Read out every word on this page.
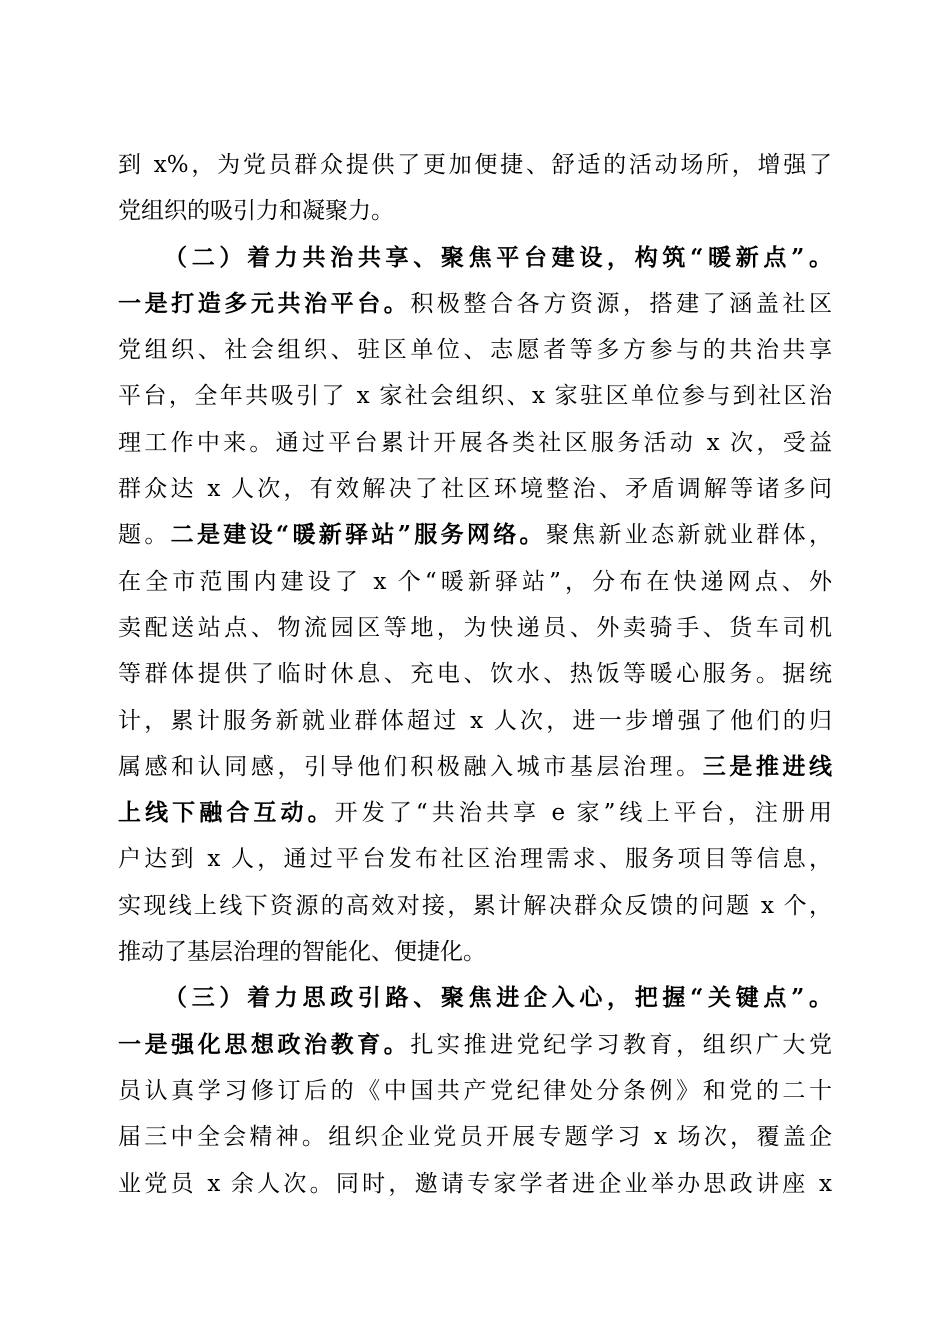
到 x%，为党员群众提供了更加便捷、舒适的活动场所，增强了
党组织的吸引力和凝聚力。
（二）着力共治共享、聚焦平台建设，构筑“暖新点”。
一是打造多元共治平台。积极整合各方资源，搭建了涵盖社区
党组织、社会组织、驻区单位、志愿者等多方参与的共治共享
平台，全年共吸引了 x 家社会组织、x 家驻区单位参与到社区治
理工作中来。通过平台累计开展各类社区服务活动 x 次，受益
群众达 x 人次，有效解决了社区环境整治、矛盾调解等诸多问
题。二是建设“暖新驿站”服务网络。聚焦新业态新就业群体，
在全市范围内建设了 x 个“暖新驿站”，分布在快递网点、外
卖配送站点、物流园区等地，为快递员、外卖骑手、货车司机
等群体提供了临时休息、充电、饮水、热饭等暖心服务。据统
计，累计服务新就业群体超过 x 人次，进一步增强了他们的归
属感和认同感，引导他们积极融入城市基层治理。三是推进线
上线下融合互动。开发了“共治共享 e 家”线上平台，注册用
户达到 x 人，通过平台发布社区治理需求、服务项目等信息，
实现线上线下资源的高效对接，累计解决群众反馈的问题 x 个，
推动了基层治理的智能化、便捷化。
（三）着力思政引路、聚焦进企入心，把握“关键点”。
一是强化思想政治教育。扎实推进党纪学习教育，组织广大党
员认真学习修订后的《中国共产党纪律处分条例》和党的二十
届三中全会精神。组织企业党员开展专题学习 x 场次，覆盖企
业党员 x 余人次。同时，邀请专家学者进企业举办思政讲座 x
